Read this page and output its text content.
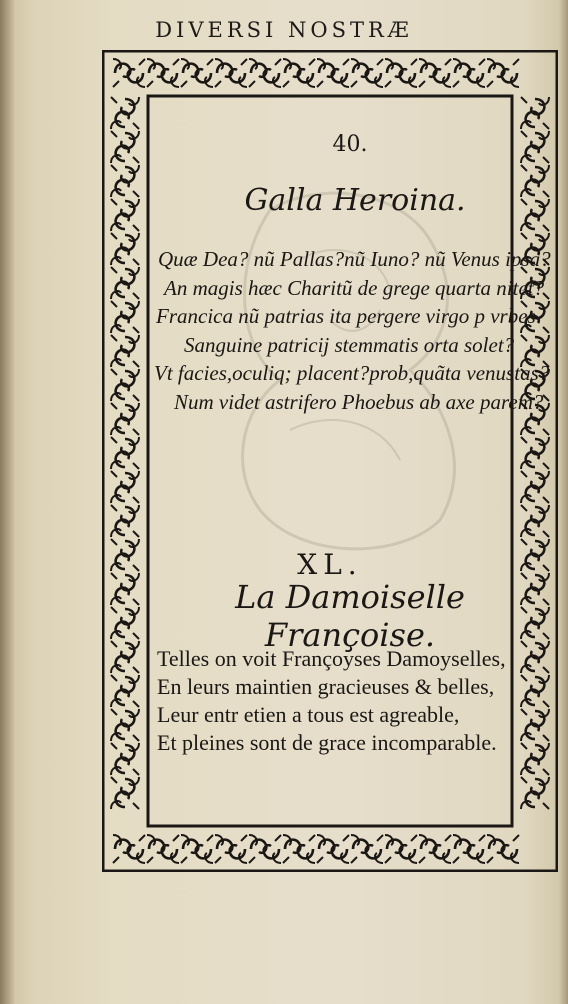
DIVERSI NOSTRÆ
40.
Galla Heroina.
Quæ Dea? nũ Pallas?nũ Iuno? nũ Venus ipsa?
An magis hæc Charitũ de grege quarta nitet?
Francica nũ patrias ita pergere virgo p vrbes
Sanguine patricij stemmatis orta solet?
Vt facies,oculiq; placent?prob,quãta venustas?
Num videt astrifero Phoebus ab axe parem?
XL.
La Damoiselle Françoise.
Telles on voit Françoyses Damoyselles,
En leurs maintien gracieuses & belles,
Leur entr etien a tous est agreable,
Et pleines sont de grace incomparable.
